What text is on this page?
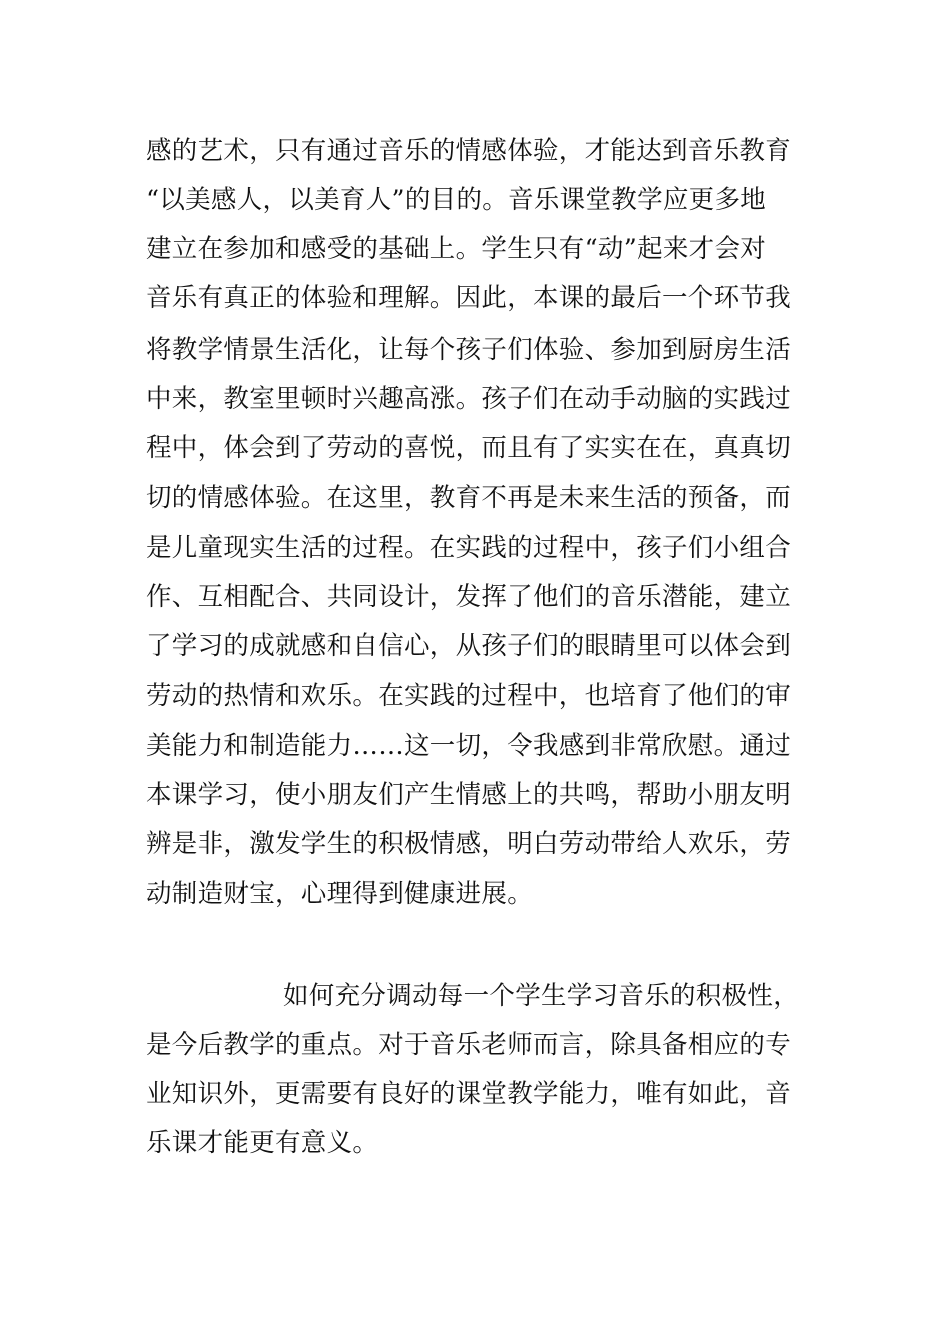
感的艺术，只有通过音乐的情感体验，才能达到音乐教育
“以美感人，以美育人”的目的。音乐课堂教学应更多地
建立在参加和感受的基础上。学生只有“动”起来才会对
音乐有真正的体验和理解。因此，本课的最后一个环节我
将教学情景生活化，让每个孩子们体验、参加到厨房生活
中来，教室里顿时兴趣高涨。孩子们在动手动脑的实践过
程中，体会到了劳动的喜悦，而且有了实实在在，真真切
切的情感体验。在这里，教育不再是未来生活的预备，而
是儿童现实生活的过程。在实践的过程中，孩子们小组合
作、互相配合、共同设计，发挥了他们的音乐潜能，建立
了学习的成就感和自信心，从孩子们的眼睛里可以体会到
劳动的热情和欢乐。在实践的过程中，也培育了他们的审
美能力和制造能力……这一切，令我感到非常欣慰。通过
本课学习，使小朋友们产生情感上的共鸣，帮助小朋友明
辨是非，激发学生的积极情感，明白劳动带给人欢乐，劳
动制造财宝，心理得到健康进展。
如何充分调动每一个学生学习音乐的积极性，
是今后教学的重点。对于音乐老师而言，除具备相应的专
业知识外，更需要有良好的课堂教学能力，唯有如此，音
乐课才能更有意义。
